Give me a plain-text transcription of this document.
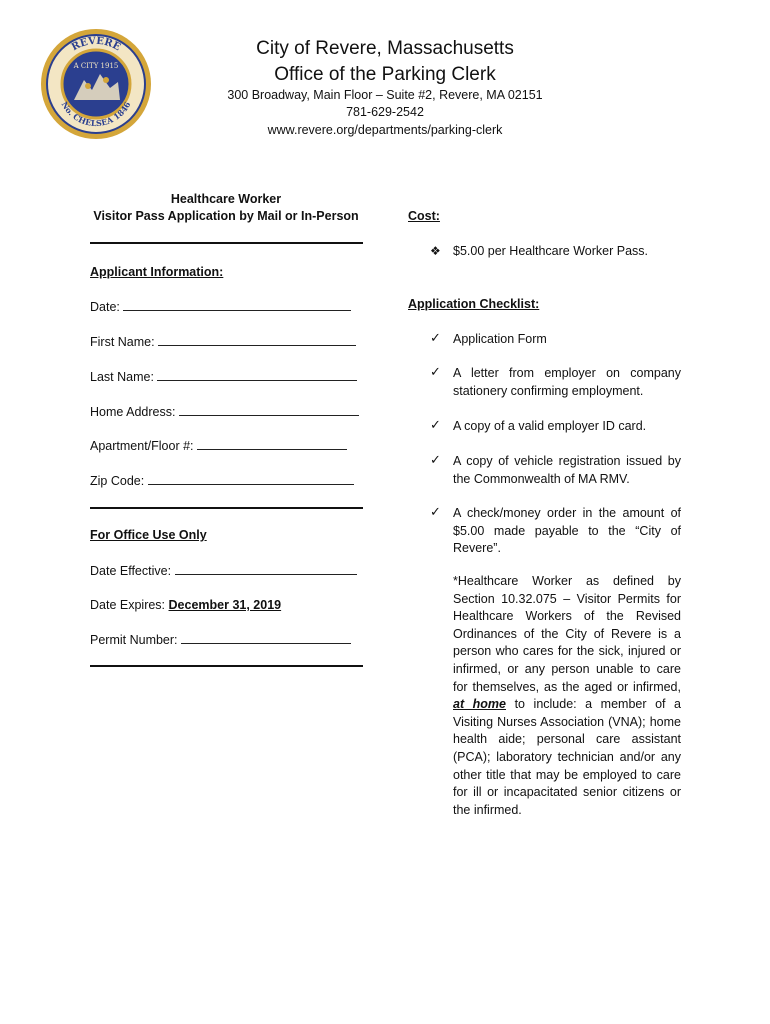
REVERE
No. CHELSEA 1846
A CITY 1915
City of Revere, Massachusetts
Office of the Parking Clerk
300 Broadway, Main Floor – Suite #2, Revere, MA 02151
781-629-2542
www.revere.org/departments/parking-clerk
Healthcare Worker
Visitor Pass Application by Mail or In-Person
Applicant Information:
Date:
First Name:
Last Name:
Home Address:
Apartment/Floor #:
Zip Code:
For Office Use Only
Date Effective:
Date Expires: December 31, 2019
Permit Number:
Cost:
❖ $5.00 per Healthcare Worker Pass.
Application Checklist:
✓ Application Form
✓ A letter from employer on company stationery confirming employment.
✓ A copy of a valid employer ID card.
✓ A copy of vehicle registration issued by the Commonwealth of MA RMV.
✓ A check/money order in the amount of $5.00 made payable to the “City of Revere”.
*Healthcare Worker as defined by Section 10.32.075 – Visitor Permits for Healthcare Workers of the Revised Ordinances of the City of Revere is a person who cares for the sick, injured or infirmed, or any person unable to care for themselves, as the aged or infirmed, at home to include: a member of a Visiting Nurses Association (VNA); home health aide; personal care assistant (PCA); laboratory technician and/or any other title that may be employed to care for ill or incapacitated senior citizens or the infirmed.
